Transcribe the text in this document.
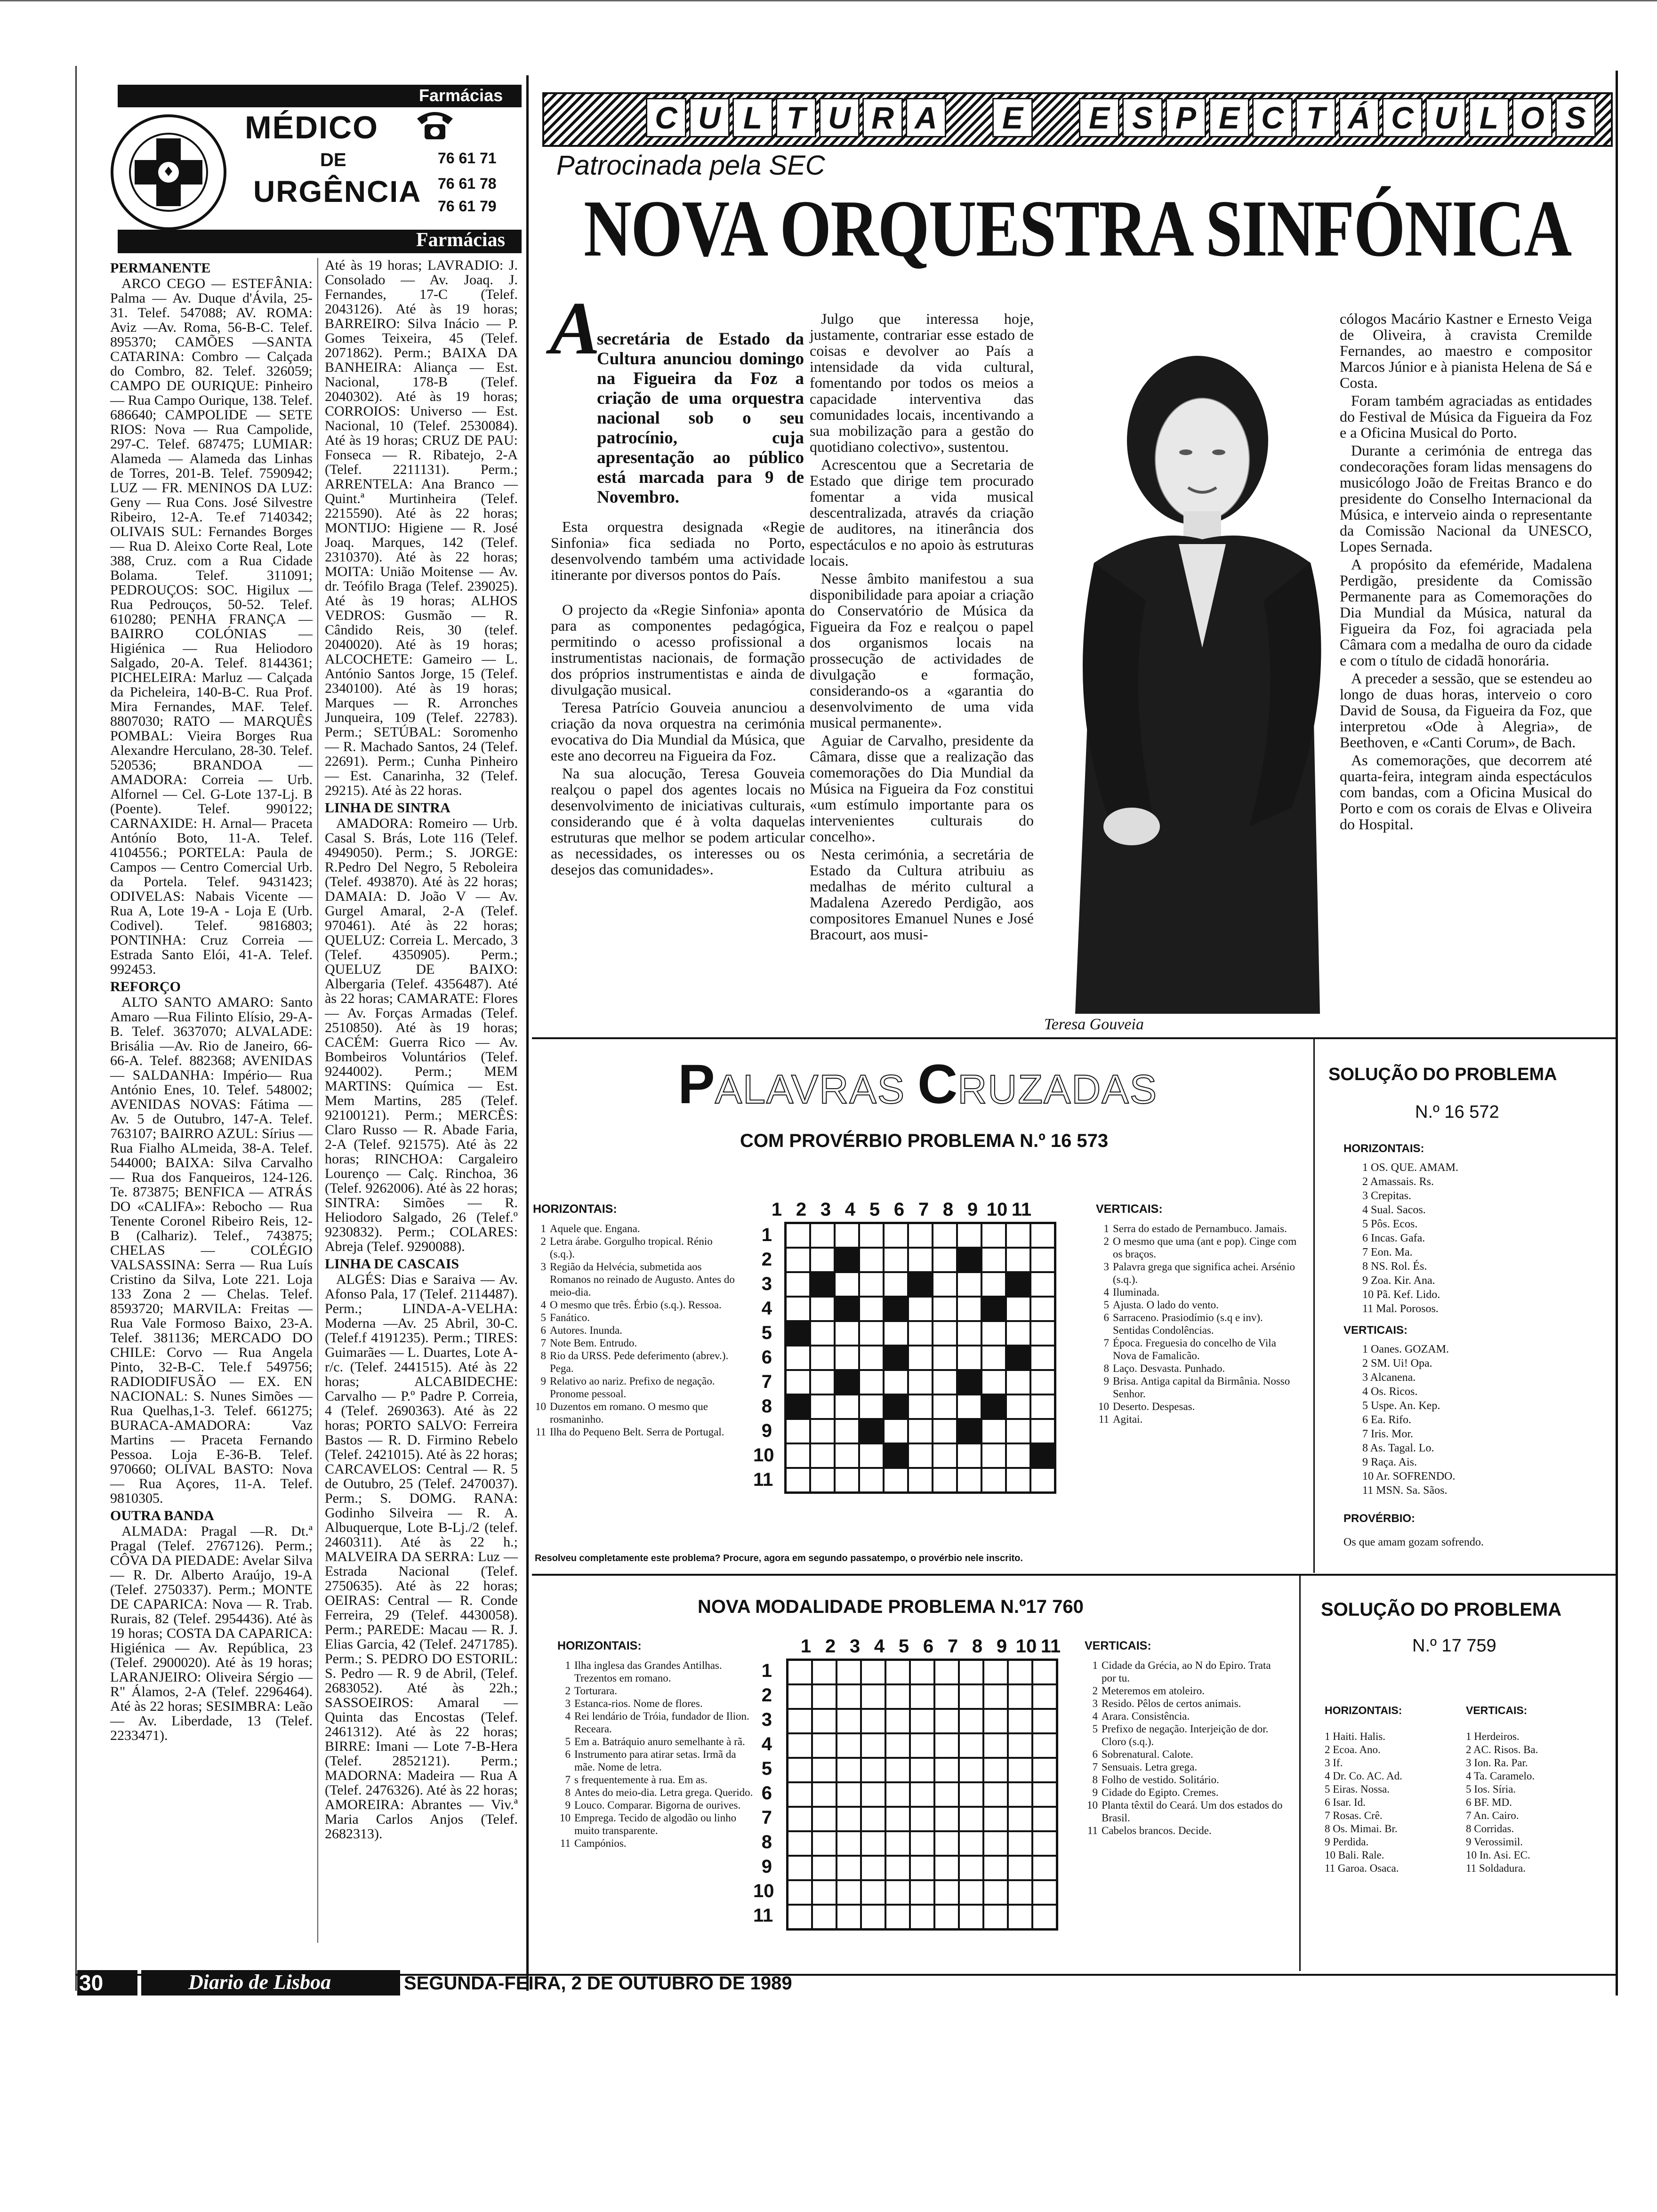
Farmácias
MÉDICO
DE
URGÊNCIA
76 61 71
76 61 78
76 61 79
Farmácias
PERMANENTE

ARCO CEGO — ESTEFÂNIA: Palma — Av. Duque d'Ávila, 25-31. Telef. 547088; AV. ROMA: Aviz —Av. Roma, 56-B-C. Telef. 895370; CAMÕES —SANTA CATARINA: Combro — Calçada do Combro, 82. Telef. 326059; CAMPO DE OURIQUE: Pinheiro — Rua Campo Ourique, 138. Telef. 686640; CAMPOLIDE — SETE RIOS: Nova — Rua Campolide, 297-C. Telef. 687475; LUMIAR: Alameda — Alameda das Linhas de Torres, 201-B. Telef. 7590942; LUZ — FR. MENINOS DA LUZ: Geny — Rua Cons. José Silvestre Ribeiro, 12-A. Te.ef 7140342; OLIVAIS SUL: Fernandes Borges — Rua D. Aleixo Corte Real, Lote 388, Cruz. com a Rua Cidade Bolama. Telef. 311091; PEDROUÇOS: SOC. Higilux — Rua Pedrouços, 50-52. Telef. 610280; PENHA FRANÇA — BAIRRO COLÓNIAS — Higiénica — Rua Heliodoro Salgado, 20-A. Telef. 8144361; PICHELEIRA: Marluz — Calçada da Picheleira, 140-B-C. Rua Prof. Mira Fernandes, MAF. Telef. 8807030; RATO — MARQUÊS POMBAL: Vieira Borges Rua Alexandre Herculano, 28-30. Telef. 520536; BRANDOA — AMADORA: Correia — Urb. Alfornel — Cel. G-Lote 137-Lj. B (Poente). Telef. 990122; CARNAXIDE: H. Arnal— Praceta Antónío Boto, 11-A. Telef. 4104556.; PORTELA: Paula de Campos — Centro Comercial Urb. da Portela. Telef. 9431423; ODIVELAS: Nabais Vicente —Rua A, Lote 19-A - Loja E (Urb. Codivel). Telef. 9816803; PONTINHA: Cruz Correia — Estrada Santo Elói, 41-A. Telef. 992453.

REFORÇO

ALTO SANTO AMARO: Santo Amaro —Rua Filinto Elísio, 29-A-B. Telef. 3637070; ALVALADE: Brisália —Av. Rio de Janeiro, 66-66-A. Telef. 882368; AVENIDAS — SALDANHA: Império— Rua António Enes, 10. Telef. 548002; AVENIDAS NOVAS: Fátima —Av. 5 de Outubro, 147-A. Telef. 763107; BAIRRO AZUL: Sírius —Rua Fialho ALmeida, 38-A. Telef. 544000; BAIXA: Silva Carvalho — Rua dos Fanqueiros, 124-126. Te. 873875; BENFICA — ATRÁS DO «CALIFA»: Rebocho — Rua Tenente Coronel Ribeiro Reis, 12-B (Calhariz). Telef., 743875; CHELAS — COLÉGIO VALSASSINA: Serra — Rua Luís Cristino da Silva, Lote 221. Loja 133 Zona 2 — Chelas. Telef. 8593720; MARVILA: Freitas — Rua Vale Formoso Baixo, 23-A. Telef. 381136; MERCADO DO CHILE: Corvo — Rua Angela Pinto, 32-B-C. Tele.f 549756; RADIODIFUSÃO — EX. EN NACIONAL: S. Nunes Simões — Rua Quelhas,1-3. Telef. 661275; BURACA-AMADORA: Vaz Martins — Praceta Fernando Pessoa. Loja E-36-B. Telef. 970660; OLIVAL BASTO: Nova — Rua Açores, 11-A. Telef. 9810305.

OUTRA BANDA

ALMADA: Pragal —R. Dt.ª Pragal (Telef. 2767126). Perm.; CÔVA DA PIEDADE: Avelar Silva — R. Dr. Alberto Araújo, 19-A (Telef. 2750337). Perm.; MONTE DE CAPARICA: Nova — R. Trab. Rurais, 82 (Telef. 2954436). Até às 19 horas; COSTA DA CAPARICA: Higiénica — Av. República, 23 (Telef. 2900020). Até às 19 horas; LARANJEIRO: Oliveira Sérgio —R" Álamos, 2-A (Telef. 2296464). Até às 22 horas; SESIMBRA: Leão — Av. Liberdade, 13 (Telef. 2233471).

Até às 19 horas; LAVRADIO: J. Consolado — Av. Joaq. J. Fernandes, 17-C (Telef. 2043126). Até às 19 horas; BARREIRO: Silva Inácio — P. Gomes Teixeira, 45 (Telef. 2071862). Perm.; BAIXA DA BANHEIRA: Aliança — Est. Nacional, 178-B (Telef. 2040302). Até às 19 horas; CORROIOS: Universo — Est. Nacional, 10 (Telef. 2530084). Até às 19 horas; CRUZ DE PAU: Fonseca — R. Ribatejo, 2-A (Telef. 2211131). Perm.; ARRENTELA: Ana Branco —Quint.ª Murtinheira (Telef. 2215590). Até às 22 horas; MONTIJO: Higiene — R. José Joaq. Marques, 142 (Telef. 2310370). Até às 22 horas; MOITA: União Moitense — Av. dr. Teófilo Braga (Telef. 239025). Até às 19 horas; ALHOS VEDROS: Gusmão — R. Cândido Reis, 30 (telef. 2040020). Até às 19 horas; ALCOCHETE: Gameiro — L. António Santos Jorge, 15 (Telef. 2340100). Até às 19 horas; Marques — R. Arronches Junqueira, 109 (Telef. 22783). Perm.; SETÚBAL: Soromenho — R. Machado Santos, 24 (Telef. 22691). Perm.; Cunha Pinheiro — Est. Canarinha, 32 (Telef. 29215). Até às 22 horas.

LINHA DE SINTRA

AMADORA: Romeiro — Urb. Casal S. Brás, Lote 116 (Telef. 4949050). Perm.; S. JORGE: R.Pedro Del Negro, 5 Reboleira (Telef. 493870). Até às 22 horas; DAMAIA: D. João V — Av. Gurgel Amaral, 2-A (Telef. 970461). Até às 22 horas; QUELUZ: Correia L. Mercado, 3 (Telef. 4350905). Perm.; QUELUZ DE BAIXO: Albergaria (Telef. 4356487). Até às 22 horas; CAMARATE: Flores — Av. Forças Armadas (Telef. 2510850). Até às 19 horas; CACÉM: Guerra Rico — Av. Bombeiros Voluntários (Telef. 9244002). Perm.; MEM MARTINS: Química — Est. Mem Martins, 285 (Telef. 92100121). Perm.; MERCÊS: Claro Russo — R. Abade Faria, 2-A (Telef. 921575). Até às 22 horas; RINCHOA: Cargaleiro Lourenço — Calç. Rinchoa, 36 (Telef. 9262006). Até às 22 horas; SINTRA: Simões — R. Heliodoro Salgado, 26 (Telef.º 9230832). Perm.; COLARES: Abreja (Telef. 9290088).

LINHA DE CASCAIS

ALGÉS: Dias e Saraiva — Av. Afonso Pala, 17 (Telef. 2114487). Perm.; LINDA-A-VELHA: Moderna —Av. 25 Abril, 30-C. (Telef.f 4191235). Perm.; TIRES: Guimarães — L. Duartes, Lote A-r/c. (Telef. 2441515). Até às 22 horas; ALCABIDECHE: Carvalho — P.º Padre P. Correia, 4 (Telef. 2690363). Até às 22 horas; PORTO SALVO: Ferreira Bastos — R. D. Firmino Rebelo (Telef. 2421015). Até às 22 horas; CARCAVELOS: Central — R. 5 de Outubro, 25 (Telef. 2470037). Perm.; S. DOMG. RANA: Godinho Silveira — R. A. Albuquerque, Lote B-Lj./2 (telef. 2460311). Até às 22 h.; MALVEIRA DA SERRA: Luz — Estrada Nacional (Telef. 2750635). Até às 22 horas; OEIRAS: Central — R. Conde Ferreira, 29 (Telef. 4430058). Perm.; PAREDE: Macau — R. J. Elias Garcia, 42 (Telef. 2471785). Perm.; S. PEDRO DO ESTORIL: S. Pedro — R. 9 de Abril, (Telef. 2683052). Até às 22h.; SASSOEIROS: Amaral — Quinta das Encostas (Telef. 2461312). Até às 22 horas; BIRRE: Imani — Lote 7-B-Hera (Telef. 2852121). Perm.; MADORNA: Madeira — Rua A (Telef. 2476326). Até às 22 horas; AMOREIRA: Abrantes — Viv.ª Maria Carlos Anjos (Telef. 2682313).

C U L T U R A	E	E S P E C T Á C U L O S
Patrocinada pela SEC
NOVA ORQUESTRA SINFÓNICA
A
secretária de Estado da Cultura anunciou domingo na Figueira da Foz a criação de uma orquestra nacional sob o seu patrocínio, cuja apresentação ao público está marcada para 9 de Novembro.

Esta orquestra designada «Regie Sinfonia» fica sediada no Porto, desenvolvendo também uma actividade itinerante por diversos pontos do País.

O projecto da «Regie Sinfonia» aponta para as componentes pedagógica, permitindo o acesso profissional a instrumentistas nacionais, de formação dos próprios instrumentistas e ainda de divulgação musical.

Teresa Patrício Gouveia anunciou a criação da nova orquestra na cerimónia evocativa do Dia Mundial da Música, que este ano decorreu na Figueira da Foz.

Na sua alocução, Teresa Gouveia realçou o papel dos agentes locais no desenvolvimento de iniciativas culturais, considerando que é à volta daquelas estruturas que melhor se podem articular as necessidades, os interesses ou os desejos das comunidades».

Julgo que interessa hoje, justamente, contrariar esse estado de coisas e devolver ao País a intensidade da vida cultural, fomentando por todos os meios a capacidade interventiva das comunidades locais, incentivando a sua mobilização para a gestão do quotidiano colectivo», sustentou.

Acrescentou que a Secretaria de Estado que dirige tem procurado fomentar a vida musical descentralizada, através da criação de auditores, na itinerância dos espectáculos e no apoio às estruturas locais.

Nesse âmbito manifestou a sua disponibilidade para apoiar a criação do Conservatório de Música da Figueira da Foz e realçou o papel dos organismos locais na prossecução de actividades de divulgação e formação, considerando-os a «garantia do desenvolvimento de uma vida musical permanente».

Aguiar de Carvalho, presidente da Câmara, disse que a realização das comemorações do Dia Mundial da Música na Figueira da Foz constitui «um estímulo importante para os intervenientes culturais do concelho».

Nesta cerimónia, a secretária de Estado da Cultura atribuiu as medalhas de mérito cultural a Madalena Azeredo Perdigão, aos compositores Emanuel Nunes e José Bracourt, aos musi-

Teresa Gouveia

cólogos Macário Kastner e Ernesto Veiga de Oliveira, à cravista Cremilde Fernandes, ao maestro e compositor Marcos Júnior e à pianista Helena de Sá e Costa.

Foram também agraciadas as entidades do Festival de Música da Figueira da Foz e a Oficina Musical do Porto.

Durante a cerimónia de entrega das condecorações foram lidas mensagens do musicólogo João de Freitas Branco e do presidente do Conselho Internacional da Música, e interveio ainda o representante da Comissão Nacional da UNESCO, Lopes Sernada.

A propósito da efeméride, Madalena Perdigão, presidente da Comissão Permanente para as Comemorações do Dia Mundial da Música, natural da Figueira da Foz, foi agraciada pela Câmara com a medalha de ouro da cidade e com o título de cidadã honorária.

A preceder a sessão, que se estendeu ao longo de duas horas, interveio o coro David de Sousa, da Figueira da Foz, que interpretou «Ode à Alegria», de Beethoven, e «Canti Corum», de Bach.

As comemorações, que decorrem até quarta-feira, integram ainda espectáculos com bandas, com a Oficina Musical do Porto e com os corais de Elvas e Oliveira do Hospital.

PALAVRAS CRUZADAS
COM PROVÉRBIO PROBLEMA N.º 16 573
HORIZONTAIS:
1 Aquele que. Engana.
2 Letra árabe. Gorgulho tropical. Rénio (s.q.).
3 Região da Helvécia, submetida aos Romanos no reinado de Augusto. Antes do meio-dia.
4 O mesmo que três. Érbio (s.q.). Ressoa.
5 Fanático.
6 Autores. Inunda.
7 Note Bem. Entrudo.
8 Rio da URSS. Pede deferimento (abrev.). Pega.
9 Relativo ao nariz. Prefixo de negação. Pronome pessoal.
10 Duzentos em romano. O mesmo que rosmaninho.
11 Ilha do Pequeno Belt. Serra de Portugal.
1 2 3 4 5 6 7 8 9 10 11
1
2
3
4
5
6
7
8
9
10
11
VERTICAIS:
1 Serra do estado de Pernambuco. Jamais.
2 O mesmo que uma (ant e pop). Cinge com os braços.
3 Palavra grega que significa achei. Arsénio (s.q.).
4 Iluminada.
5 Ajusta. O lado do vento.
6 Sarraceno. Prasiodímio (s.q e inv). Sentidas Condolências.
7 Época. Freguesia do concelho de Vila Nova de Famalicão.
8 Laço. Desvasta. Punhado.
9 Brisa. Antiga capital da Birmânia. Nosso Senhor.
10 Deserto. Despesas.
11 Agitai.
Resolveu completamente este problema? Procure, agora em segundo passatempo, o provérbio nele inscrito.
SOLUÇÃO DO PROBLEMA
N.º 16 572
HORIZONTAIS:
1 OS. QUE. AMAM.
2 Amassais. Rs.
3 Crepitas.
4 Sual. Sacos.
5 Pôs. Ecos.
6 Incas. Gafa.
7 Eon. Ma.
8 NS. Rol. És.
9 Zoa. Kir. Ana.
10 Pã. Kef. Lido.
11 Mal. Porosos.
VERTICAIS:
1 Oanes. GOZAM.
2 SM. Ui! Opa.
3 Alcanena.
4 Os. Ricos.
5 Uspe. An. Kep.
6 Ea. Rifo.
7 Iris. Mor.
8 As. Tagal. Lo.
9 Raça. Ais.
10 Ar. SOFRENDO.
11 MSN. Sa. Sãos.
PROVÉRBIO:
Os que amam gozam sofrendo.
NOVA MODALIDADE PROBLEMA N.º17 760
HORIZONTAIS:
1 Ilha inglesa das Grandes Antilhas. Trezentos em romano.
2 Torturara.
3 Estanca-rios. Nome de flores.
4 Rei lendário de Tróia, fundador de Ilion. Receara.
5 Em a. Batráquio anuro semelhante à rã.
6 Instrumento para atirar setas. Irmã da mãe. Nome de letra.
7 s frequentemente à rua. Em as.
8 Antes do meio-dia. Letra grega. Querido.
9 Louco. Comparar. Bigorna de ourives.
10 Emprega. Tecido de algodão ou linho muito transparente.
11 Campónios.
1 2 3 4 5 6 7 8 9 10 11
1
2
3
4
5
6
7
8
9
10
11
VERTICAIS:
1 Cidade da Grécia, ao N do Epiro. Trata por tu.
2 Meteremos em atoleiro.
3 Resido. Pêlos de certos animais.
4 Arara. Consistência.
5 Prefixo de negação. Interjeição de dor. Cloro (s.q.).
6 Sobrenatural. Calote.
7 Sensuais. Letra grega.
8 Folho de vestido. Solitário.
9 Cidade do Egipto. Cremes.
10 Planta têxtil do Ceará. Um dos estados do Brasil.
11 Cabelos brancos. Decide.
SOLUÇÃO DO PROBLEMA
N.º 17 759
HORIZONTAIS:
1 Haiti. Halis.
2 Ecoa. Ano.
3 If.
4 Dr. Co. AC. Ad.
5 Eiras. Nossa.
6 Isar. Id.
7 Rosas. Crê.
8 Os. Mimai. Br.
9 Perdida.
10 Bali. Rale.
11 Garoa. Osaca.
VERTICAIS:
1 Herdeiros.
2 AC. Risos. Ba.
3 Ion. Ra. Par.
4 Ta. Caramelo.
5 Ios. Síria.
6 BF. MD.
7 An. Cairo.
8 Corridas.
9 Verossimil.
10 In. Asi. EC.
11 Soldadura.
30	Diario de Lisboa	SEGUNDA-FEIRA, 2 DE OUTUBRO DE 1989
